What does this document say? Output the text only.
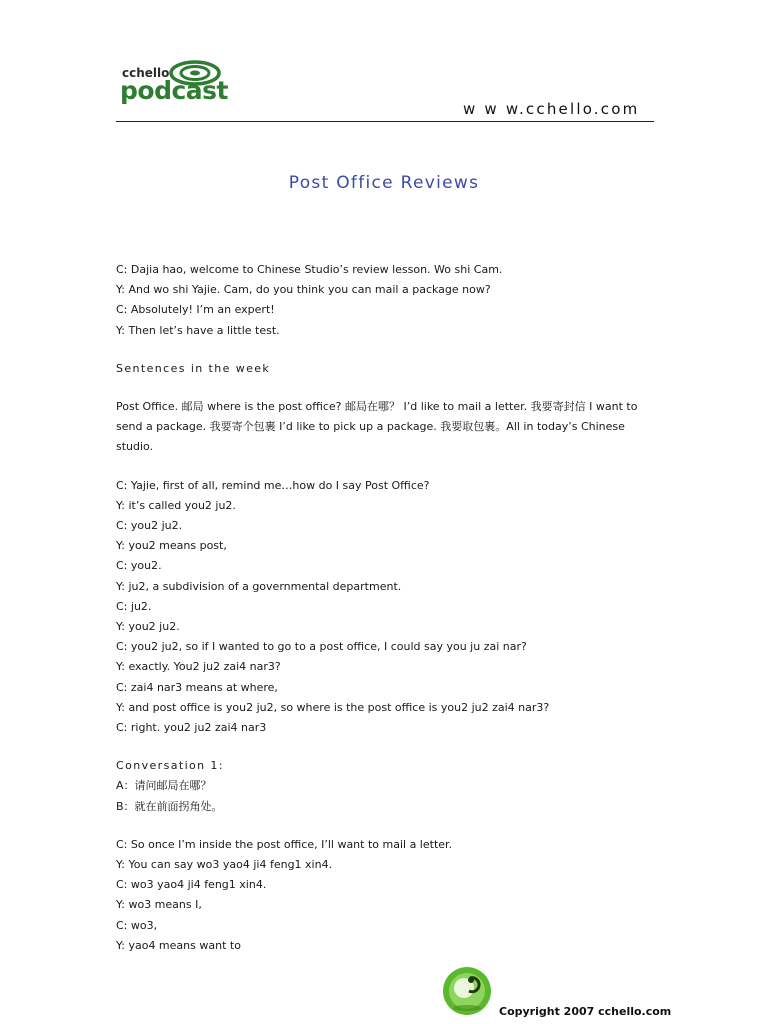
cchello
podcast
w w w.cchello.com
Post Office Reviews
C: Dajia hao, welcome to Chinese Studio’s review lesson. Wo shi Cam.
Y: And wo shi Yajie. Cam, do you think you can mail a package now?
C: Absolutely! I’m an expert!
Y: Then let’s have a little test.
Sentences in the week
Post Office. 邮局 where is the post office? 邮局在哪？ I’d like to mail a letter. 我要寄封信 I want to send a package. 我要寄个包裹 I’d like to pick up a package. 我要取包裹。All in today’s Chinese studio.
C: Yajie, first of all, remind me…how do I say Post Office?
Y: it’s called you2 ju2.
C: you2 ju2.
Y: you2 means post,
C: you2.
Y: ju2, a subdivision of a governmental department.
C: ju2.
Y: you2 ju2.
C: you2 ju2, so if I wanted to go to a post office, I could say you ju zai nar?
Y: exactly. You2 ju2 zai4 nar3?
C: zai4 nar3 means at where,
Y: and post office is you2 ju2, so where is the post office is you2 ju2 zai4 nar3?
C: right. you2 ju2 zai4 nar3
Conversation 1:
A：请问邮局在哪？
B：就在前面拐角处。
C: So once I’m inside the post office, I’ll want to mail a letter.
Y: You can say wo3 yao4 ji4 feng1 xin4.
C: wo3 yao4 ji4 feng1 xin4.
Y: wo3 means I,
C: wo3,
Y: yao4 means want to
Copyright 2007 cchello.com
